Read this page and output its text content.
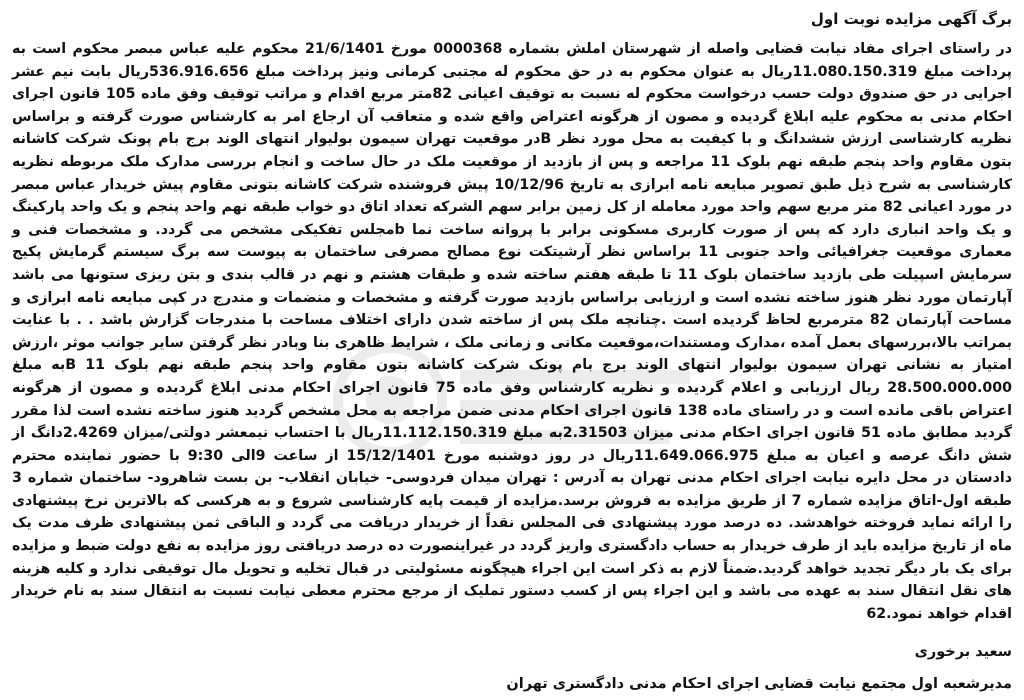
برگ آگهی مزایده نوبت اول

در راستای اجرای مفاد نیابت قضایی واصله از شهرستان املش بشماره 0000368 مورخ 21/6/1401 محکوم علیه عباس مبصر محکوم است به پرداخت مبلغ 11.080.150.319ریال به عنوان محکوم به در حق محکوم له مجتبی کرمانی ونیز پرداخت مبلغ 536.916.656ریال بابت نیم عشر اجرایی در حق صندوق دولت حسب درخواست محکوم له نسبت به توقیف اعیانی 82متر مربع اقدام و مراتب توقیف وفق ماده 105 قانون اجرای احکام مدنی به محکوم علیه ابلاغ گردیده و مصون از هرگونه اعتراض واقع شده و متعاقب آن ارجاع امر به کارشناس صورت گرفته و براساس نظریه کارشناسی ارزش ششدانگ و با کیفیت به محل مورد نظر Bدر موقعیت تهران سیمون بولیوار انتهای الوند برج بام پونک شرکت کاشانه بتون مقاوم واحد پنجم طبقه نهم بلوک 11 مراجعه و پس از بازدید از موقعیت ملک در حال ساخت و انجام بررسی مدارک ملک مربوطه نظریه کارشناسی به شرح ذیل طبق تصویر مبایعه نامه ابرازی به تاریخ 10/12/96 پیش فروشنده شرکت کاشانه بتونی مقاوم پیش خریدار عباس مبصر در مورد اعیانی 82 متر مربع سهم واحد مورد معامله از کل زمین برابر سهم الشرکه تعداد اتاق دو خواب طبقه نهم واحد پنجم و یک واحد پارکینگ و یک واحد انباری دارد که پس از صورت کاربری مسکونی برابر با پروانه ساخت نما bمجلس تفکیکی مشخص می گردد. و مشخصات فنی و معماری موقعیت جغرافیائی واحد جنوبی 11 براساس نظر آرشیتکت نوع مصالح مصرفی ساختمان به پیوست سه برگ سیستم گرمایش پکیج سرمایش اسپیلت طی بازدید ساختمان بلوک 11 تا طبقه هفتم ساخته شده و طبقات هشتم و نهم در قالب بندی و بتن ریزی ستونها می باشد آپارتمان مورد نظر هنوز ساخته نشده است و ارزیابی براساس بازدید صورت گرفته و مشخصات و منضمات و مندرج در کپی مبایعه نامه ابرازی و مساحت آپارتمان 82 مترمربع لحاظ گردیده است .چنانچه ملک پس از ساخته شدن دارای اختلاف مساحت با مندرجات گزارش باشد . . با عنایت بمراتب بالا،بررسهای بعمل آمده ،مدارک ومستندات،موقعیت مکانی و زمانی ملک ، شرایط ظاهری بنا وبادر نظر گرفتن سایر جوانب موثر ،ارزش امتیاز به نشانی تهران سیمون بولیوار انتهای الوند برج بام پونک شرکت کاشانه بتون مقاوم واحد پنجم طبقه نهم بلوک 11 Bبه مبلغ 28.500.000.000 ریال ارزیابی و اعلام گردیده و نظریه کارشناس وفق ماده 75 قانون اجرای احکام مدنی ابلاغ گردیده و مصون از هرگونه اعتراض باقی مانده است و در راستای ماده 138 قانون اجرای احکام مدنی ضمن مراجعه به محل مشخص گردید هنوز ساخته نشده است لذا مقرر گردید مطابق ماده 51 قانون اجرای احکام مدنی میزان 2.31503به مبلغ 11.112.150.319ریال با احتساب نیمعشر دولتی/میزان 2.4269دانگ از شش دانگ عرصه و اعیان به مبلغ 11.649.066.975ریال در روز دوشنبه مورخ 15/12/1401 از ساعت 9الی 9:30 با حضور نماینده محترم دادستان در محل دایره نیابت اجرای احکام مدنی تهران به آدرس : تهران میدان فردوسی- خیابان انقلاب- بن بست شاهرود- ساختمان شماره 3 طبقه اول-اتاق مزایده شماره 7 از طریق مزایده به فروش برسد.مزایده از قیمت پایه کارشناسی شروع و به هرکسی که بالاترین نرخ پیشنهادی را ارائه نماید فروخته خواهدشد. ده درصد مورد پیشنهادی فی المجلس نقداً از خریدار دریافت می گردد و الباقی ثمن پیشنهادی ظرف مدت یک ماه از تاریخ مزایده باید از طرف خریدار به حساب دادگستری واریز گردد در غیراینصورت ده درصد دریافتی روز مزایده به نفع دولت ضبط و مزایده برای یک بار دیگر تجدید خواهد گردید.ضمناً لازم به ذکر است این اجراء هیچگونه مسئولیتی در قبال تخلیه و تحویل مال توقیفی ندارد و کلیه هزینه های نقل انتقال سند به عهده می باشد و این اجراء پس از کسب دستور تملیک از مرجع محترم معطی نیابت نسبت به انتقال سند به نام خریدار اقدام خواهد نمود.62

سعید برخوری
مدیرشعبه اول مجتمع نیابت قضایی اجرای احکام مدنی دادگستری تهران
